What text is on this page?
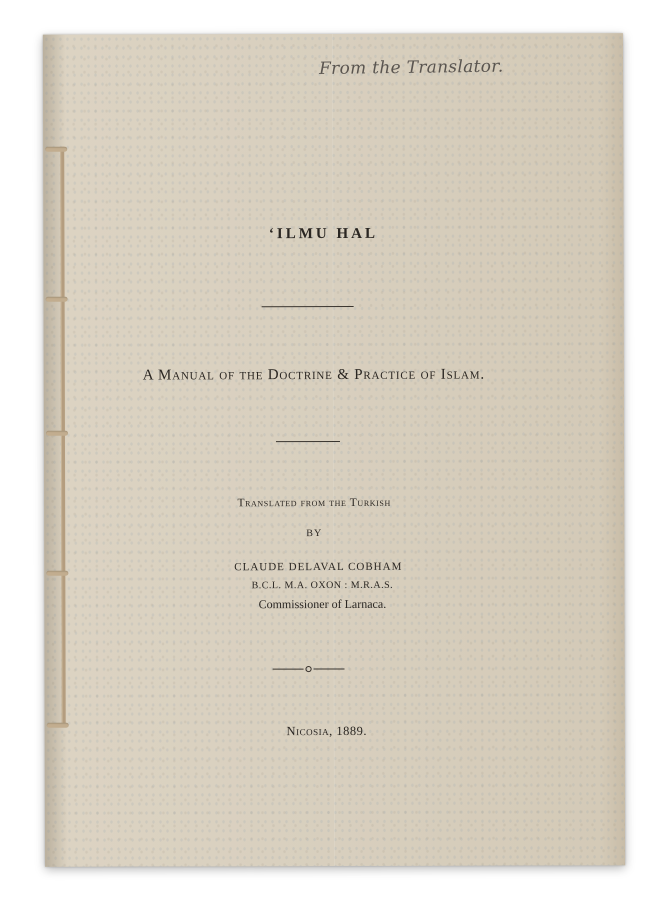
From the Translator.
ʻILMU HAL
A Manual of the Doctrine & Practice of Islam.
Translated from the Turkish
BY
CLAUDE DELAVAL COBHAM
B.C.L. M.A. OXON : M.R.A.S.
Commissioner of Larnaca.
Nicosia, 1889.
